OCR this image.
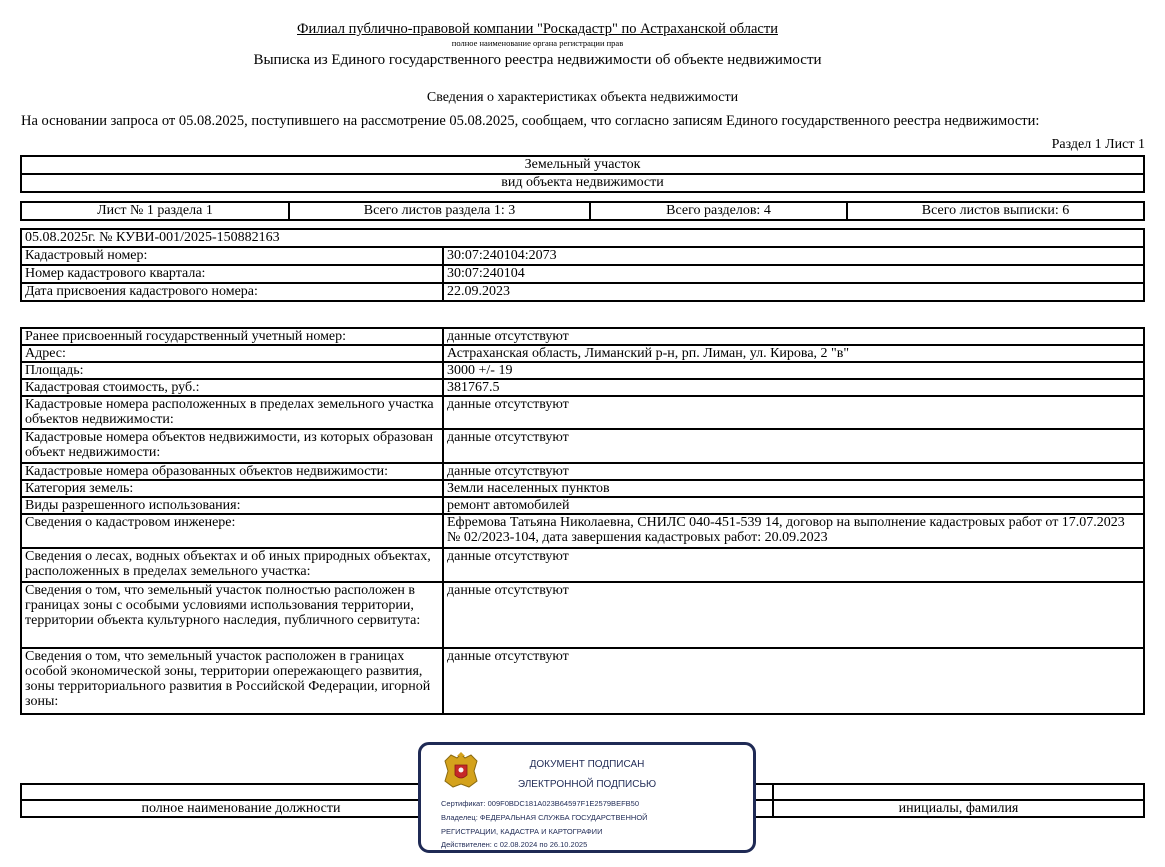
Филиал публично-правовой компании "Роскадастр" по Астраханской области
полное наименование органа регистрации прав
Выписка из Единого государственного реестра недвижимости об объекте недвижимости
Сведения о характеристиках объекта недвижимости
На основании запроса от 05.08.2025, поступившего на рассмотрение 05.08.2025, сообщаем, что согласно записям Единого государственного реестра недвижимости:
Раздел 1 Лист 1
Земельный участок
вид объекта недвижимости
Лист № 1 раздела 1	Всего листов раздела 1: 3	Всего разделов: 4	Всего листов выписки: 6
05.08.2025г. № КУВИ-001/2025-150882163	
Кадастровый номер:	30:07:240104:2073
Номер кадастрового квартала:	30:07:240104
Дата присвоения кадастрового номера:	22.09.2023
Ранее присвоенный государственный учетный номер:	данные отсутствуют
Адрес:	Астраханская область, Лиманский р-н, рп. Лиман, ул. Кирова, 2 "в"
Площадь:	3000 +/- 19
Кадастровая стоимость, руб.:	381767.5
Кадастровые номера расположенных в пределах земельного участка объектов недвижимости:	данные отсутствуют
Кадастровые номера объектов недвижимости, из которых образован объект недвижимости:	данные отсутствуют
Кадастровые номера образованных объектов недвижимости:	данные отсутствуют
Категория земель:	Земли населенных пунктов
Виды разрешенного использования:	ремонт автомобилей
Сведения о кадастровом инженере:	Ефремова Татьяна Николаевна, СНИЛС 040-451-539 14, договор на выполнение кадастровых работ от 17.07.2023 № 02/2023-104, дата завершения кадастровых работ: 20.09.2023
Сведения о лесах, водных объектах и об иных природных объектах, расположенных в пределах земельного участка:	данные отсутствуют
Сведения о том, что земельный участок полностью расположен в границах зоны с особыми условиями использования территории, территории объекта культурного наследия, публичного сервитута:	данные отсутствуют
Сведения о том, что земельный участок расположен в границах особой экономической зоны, территории опережающего развития, зоны территориального развития в Российской Федерации, игорной зоны:	данные отсутствуют

полное наименование должности		инициалы, фамилия
ДОКУМЕНТ ПОДПИСАН
ЭЛЕКТРОННОЙ ПОДПИСЬЮ
Сертификат: 009F0BDC181A023B64597F1E2579BEFB50
Владелец: ФЕДЕРАЛЬНАЯ СЛУЖБА ГОСУДАРСТВЕННОЙ
РЕГИСТРАЦИИ, КАДАСТРА И КАРТОГРАФИИ
Действителен: с 02.08.2024 по 26.10.2025
